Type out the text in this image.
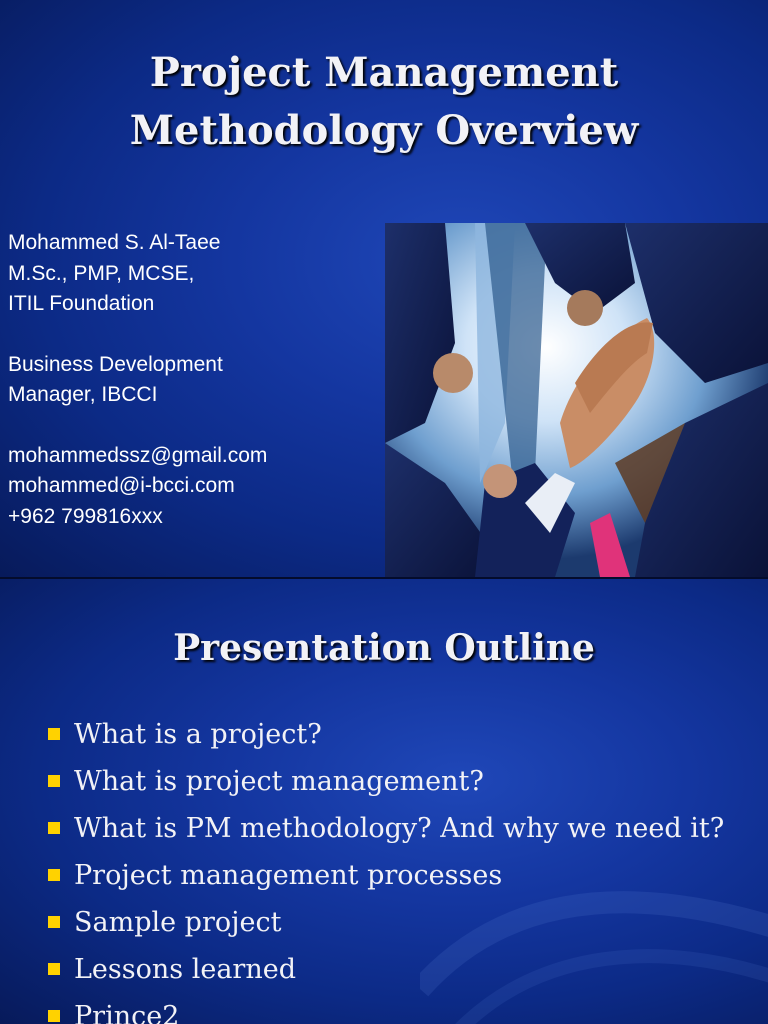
Project Management
Methodology Overview
Mohammed S. Al-Taee
M.Sc., PMP, MCSE,
ITIL Foundation
Business Development
Manager, IBCCI
mohammedssz@gmail.com
mohammed@i-bcci.com
+962 799816xxx
Presentation Outline
What is a project?
What is project management?
What is PM methodology? And why we need it?
Project management processes
Sample project
Lessons learned
Prince2
